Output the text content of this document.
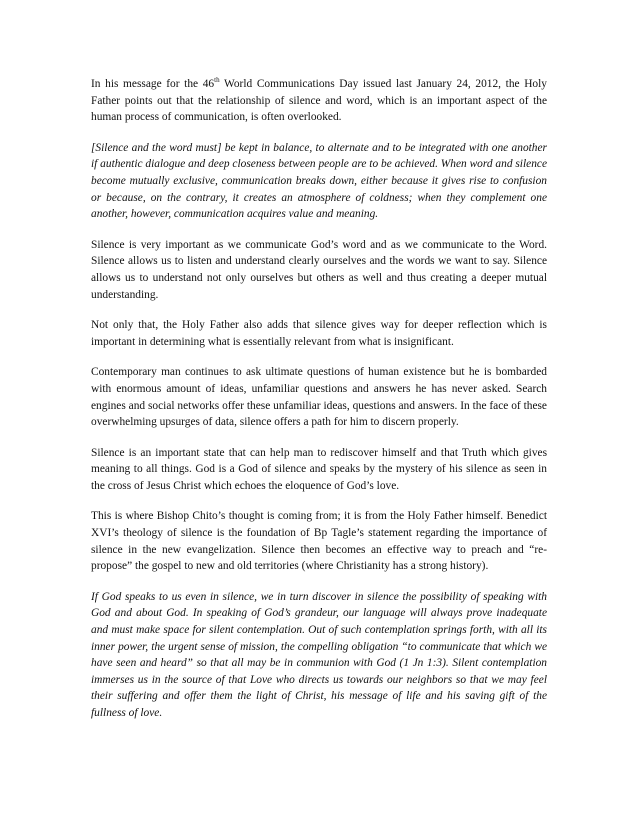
In his message for the 46th World Communications Day issued last January 24, 2012, the Holy Father points out that the relationship of silence and word, which is an important aspect of the human process of communication, is often overlooked.

[Silence and the word must] be kept in balance, to alternate and to be integrated with one another if authentic dialogue and deep closeness between people are to be achieved. When word and silence become mutually exclusive, communication breaks down, either because it gives rise to confusion or because, on the contrary, it creates an atmosphere of coldness; when they complement one another, however, communication acquires value and meaning.

Silence is very important as we communicate God’s word and as we communicate to the Word. Silence allows us to listen and understand clearly ourselves and the words we want to say. Silence allows us to understand not only ourselves but others as well and thus creating a deeper mutual understanding.

Not only that, the Holy Father also adds that silence gives way for deeper reflection which is important in determining what is essentially relevant from what is insignificant.

Contemporary man continues to ask ultimate questions of human existence but he is bombarded with enormous amount of ideas, unfamiliar questions and answers he has never asked. Search engines and social networks offer these unfamiliar ideas, questions and answers. In the face of these overwhelming upsurges of data, silence offers a path for him to discern properly.

Silence is an important state that can help man to rediscover himself and that Truth which gives meaning to all things. God is a God of silence and speaks by the mystery of his silence as seen in the cross of Jesus Christ which echoes the eloquence of God’s love.

This is where Bishop Chito’s thought is coming from; it is from the Holy Father himself. Benedict XVI’s theology of silence is the foundation of Bp Tagle’s statement regarding the importance of silence in the new evangelization. Silence then becomes an effective way to preach and “re-propose” the gospel to new and old territories (where Christianity has a strong history).

If God speaks to us even in silence, we in turn discover in silence the possibility of speaking with God and about God. In speaking of God’s grandeur, our language will always prove inadequate and must make space for silent contemplation. Out of such contemplation springs forth, with all its inner power, the urgent sense of mission, the compelling obligation “to communicate that which we have seen and heard” so that all may be in communion with God (1 Jn 1:3). Silent contemplation immerses us in the source of that Love who directs us towards our neighbors so that we may feel their suffering and offer them the light of Christ, his message of life and his saving gift of the fullness of love.
